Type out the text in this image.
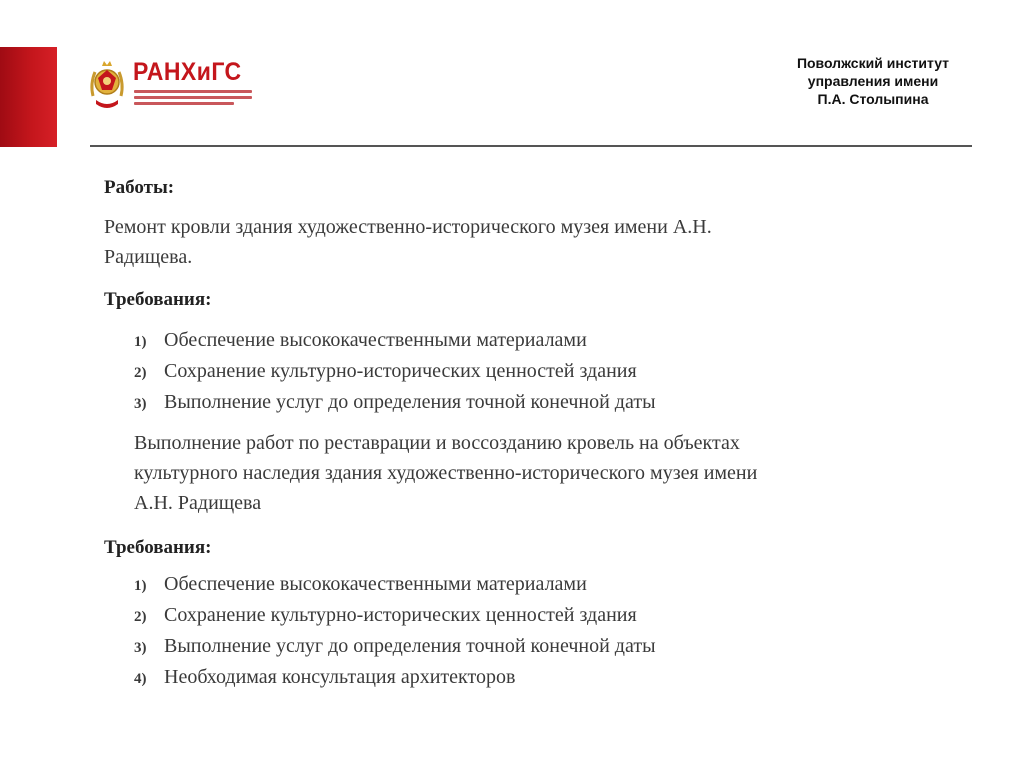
РАНХиГС	Поволжский институт
управления имени
П.А. Столыпина
Работы:
Ремонт кровли здания художественно-исторического музея имени А.Н.
Радищева.
Требования:
1) Обеспечение высококачественными материалами
2) Сохранение культурно-исторических ценностей здания
3) Выполнение услуг до определения точной конечной даты
Выполнение работ по реставрации и воссозданию кровель на объектах
культурного наследия здания художественно-исторического музея имени
А.Н. Радищева
Требования:
1) Обеспечение высококачественными материалами
2) Сохранение культурно-исторических ценностей здания
3) Выполнение услуг до определения точной конечной даты
4) Необходимая консультация архитекторов
